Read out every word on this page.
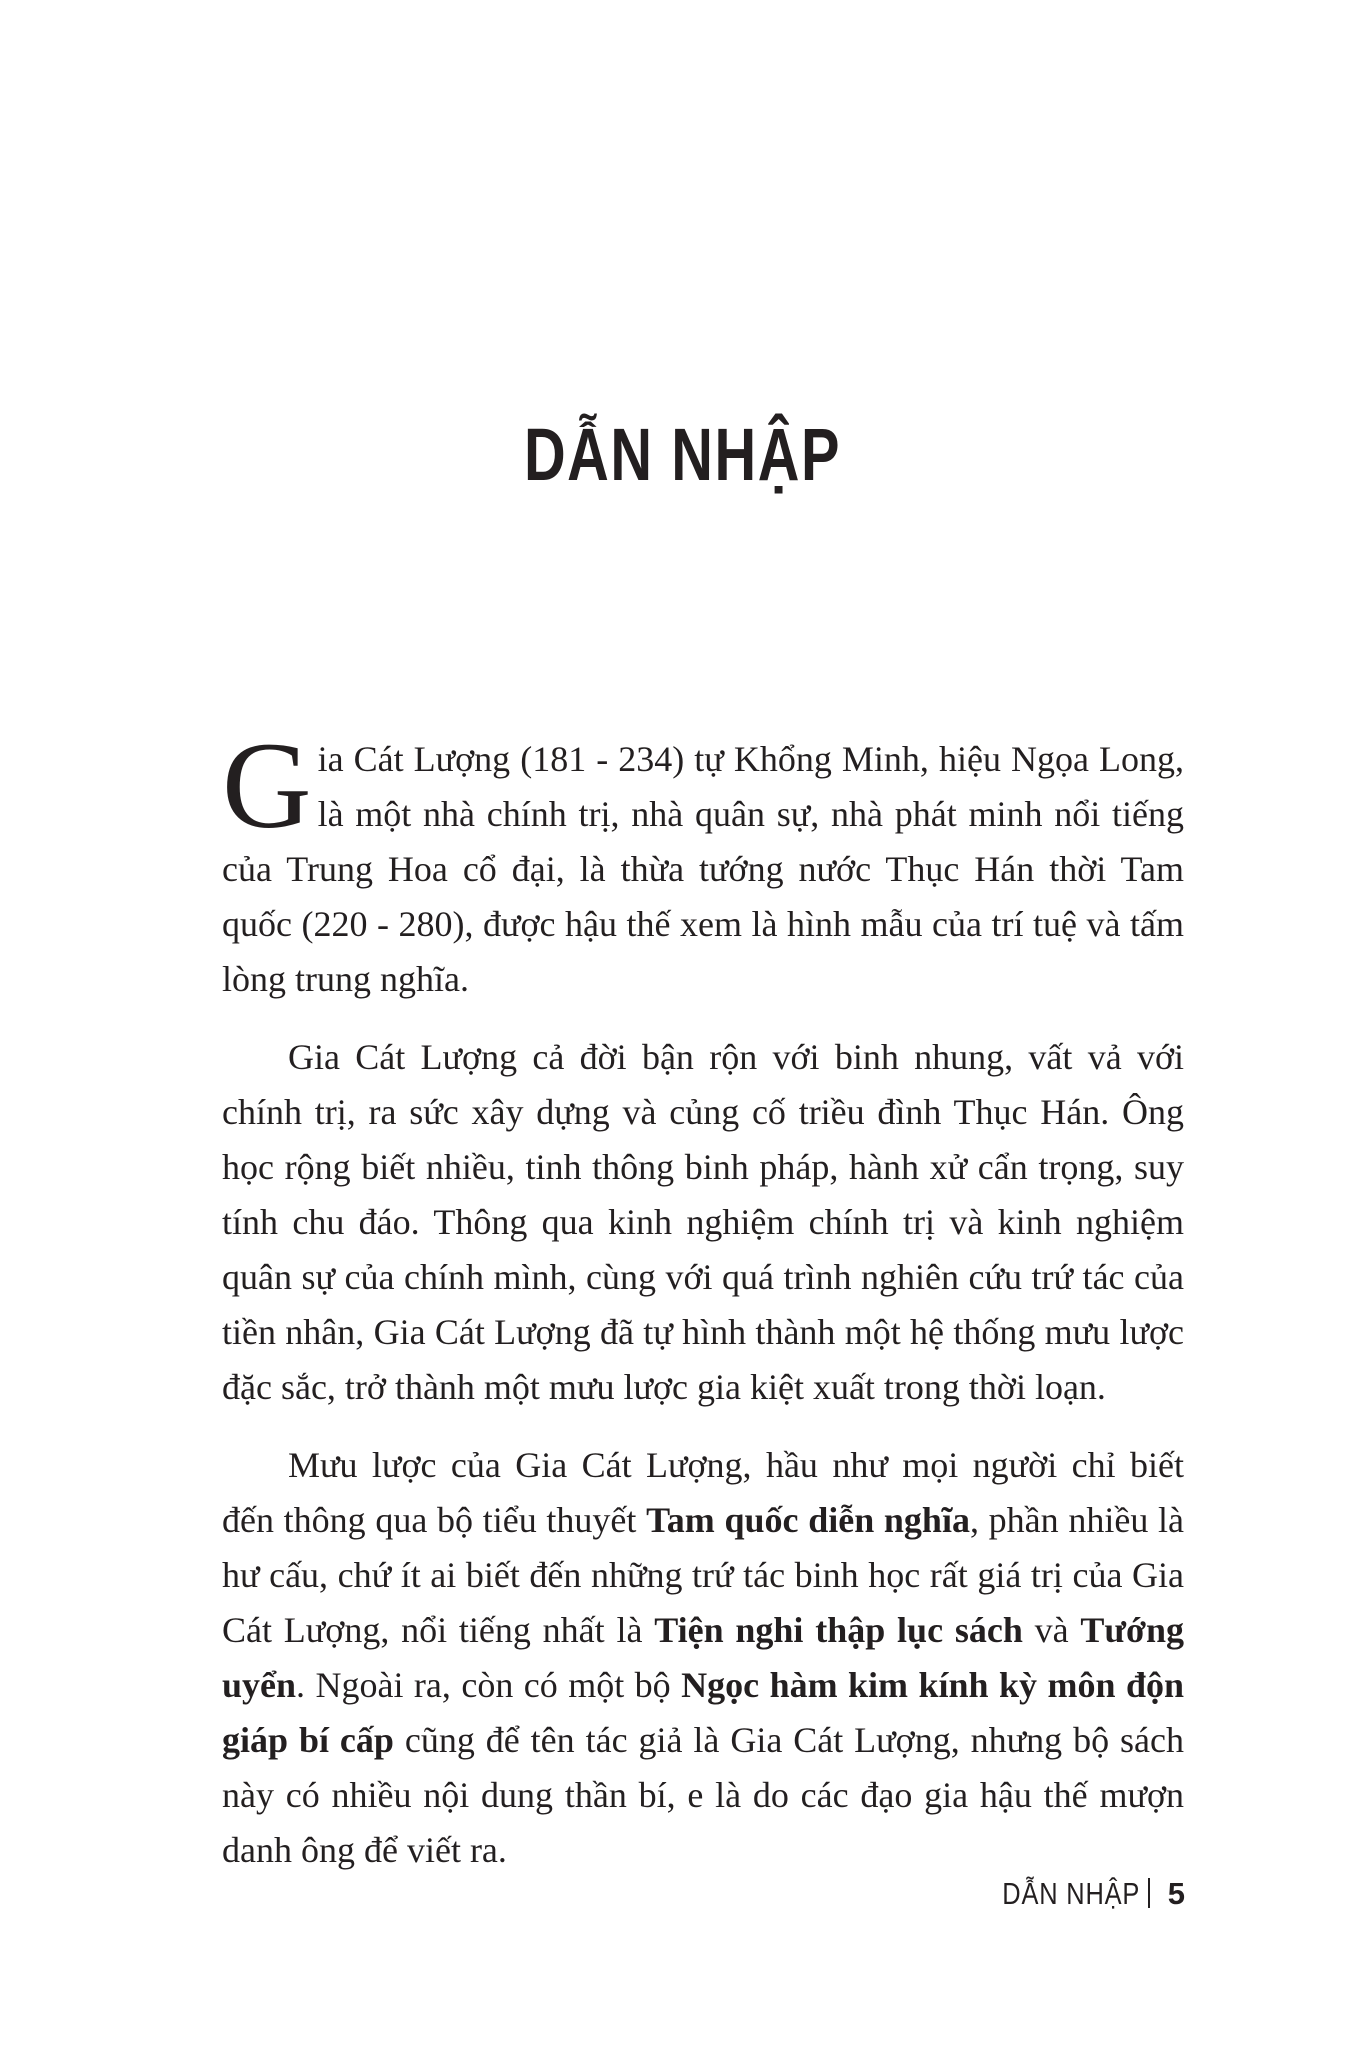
DẪN NHẬP

Gia Cát Lượng (181 - 234) tự Khổng Minh, hiệu Ngọa Long, là một nhà chính trị, nhà quân sự, nhà phát minh nổi tiếng của Trung Hoa cổ đại, là thừa tướng nước Thục Hán thời Tam quốc (220 - 280), được hậu thế xem là hình mẫu của trí tuệ và tấm lòng trung nghĩa.

Gia Cát Lượng cả đời bận rộn với binh nhung, vất vả với chính trị, ra sức xây dựng và củng cố triều đình Thục Hán. Ông học rộng biết nhiều, tinh thông binh pháp, hành xử cẩn trọng, suy tính chu đáo. Thông qua kinh nghiệm chính trị và kinh nghiệm quân sự của chính mình, cùng với quá trình nghiên cứu trứ tác của tiền nhân, Gia Cát Lượng đã tự hình thành một hệ thống mưu lược đặc sắc, trở thành một mưu lược gia kiệt xuất trong thời loạn.

Mưu lược của Gia Cát Lượng, hầu như mọi người chỉ biết đến thông qua bộ tiểu thuyết Tam quốc diễn nghĩa, phần nhiều là hư cấu, chứ ít ai biết đến những trứ tác binh học rất giá trị của Gia Cát Lượng, nổi tiếng nhất là Tiện nghi thập lục sách và Tướng uyển. Ngoài ra, còn có một bộ Ngọc hàm kim kính kỳ môn độn giáp bí cấp cũng để tên tác giả là Gia Cát Lượng, nhưng bộ sách này có nhiều nội dung thần bí, e là do các đạo gia hậu thế mượn danh ông để viết ra.

DẪN NHẬP 5
